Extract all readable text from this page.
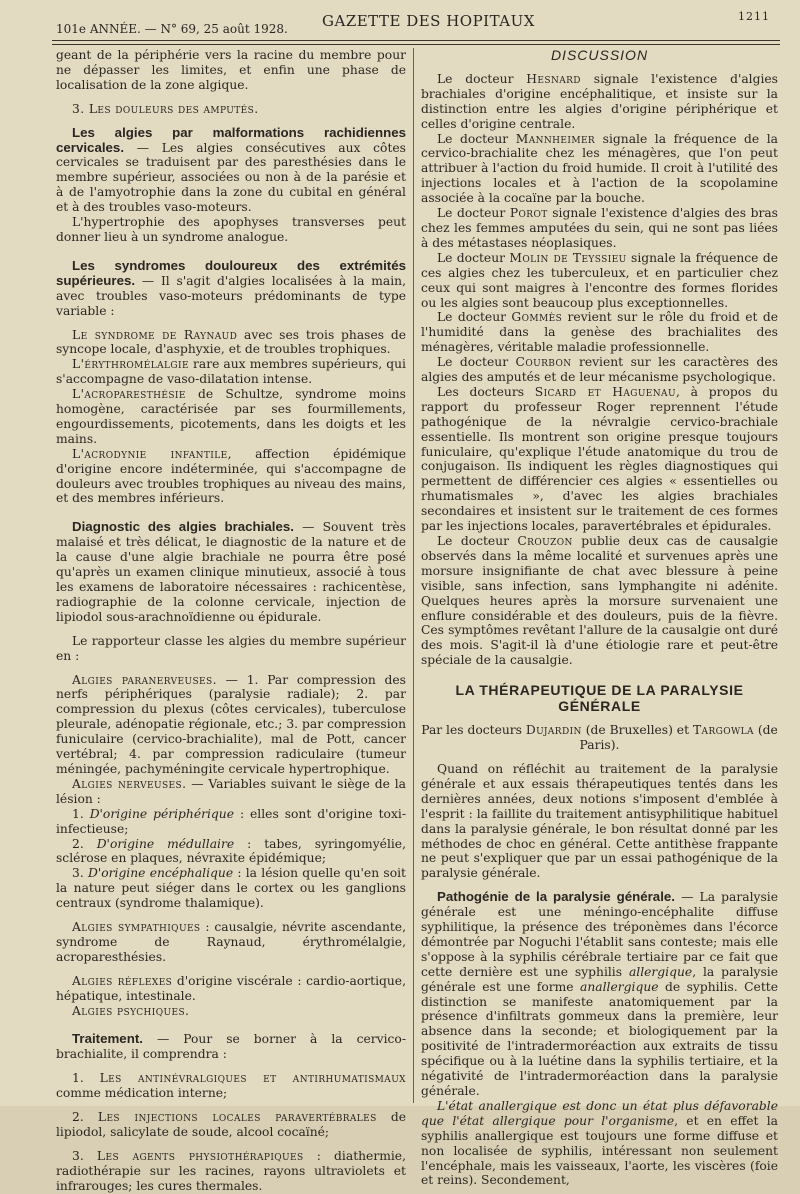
101e ANNÉE. — N° 69, 25 août 1928. GAZETTE DES HOPITAUX	1211

geant de la périphérie vers la racine du membre pour ne dépasser les limites, et enfin une phase de localisation de la zone algique.

3. Les douleurs des amputés.

Les algies par malformations rachidiennes cervicales. — Les algies consécutives aux côtes cervicales se traduisent par des paresthésies dans le membre supérieur, associées ou non à de la parésie et à de l'amyotrophie dans la zone du cubital en général et à des troubles vaso-moteurs.

L'hypertrophie des apophyses transverses peut donner lieu à un syndrome analogue.

Les syndromes douloureux des extrémités supérieures. — Il s'agit d'algies localisées à la main, avec troubles vaso-moteurs prédominants de type variable :

Le syndrome de Raynaud avec ses trois phases de syncope locale, d'asphyxie, et de troubles trophiques.

L'érythromélalgie rare aux membres supérieurs, qui s'accompagne de vaso-dilatation intense.

L'acroparesthésie de Schultze, syndrome moins homogène, caractérisée par ses fourmillements, engourdissements, picotements, dans les doigts et les mains.

L'acrodynie infantile, affection épidémique d'origine encore indéterminée, qui s'accompagne de douleurs avec troubles trophiques au niveau des mains, et des membres inférieurs.

Diagnostic des algies brachiales. — Souvent très malaisé et très délicat, le diagnostic de la nature et de la cause d'une algie brachiale ne pourra être posé qu'après un examen clinique minutieux, associé à tous les examens de laboratoire nécessaires : rachicentèse, radiographie de la colonne cervicale, injection de lipiodol sous-arachnoïdienne ou épidurale.

Le rapporteur classe les algies du membre supérieur en :

Algies paranerveuses. — 1. Par compression des nerfs périphériques (paralysie radiale); 2. par compression du plexus (côtes cervicales), tuberculose pleurale, adénopatie régionale, etc.; 3. par compression funiculaire (cervico-brachialite), mal de Pott, cancer vertébral; 4. par compression radiculaire (tumeur méningée, pachyméningite cervicale hypertrophique.

Algies nerveuses. — Variables suivant le siège de la lésion :

1. D'origine périphérique : elles sont d'origine toxi-infectieuse;

2. D'origine médullaire : tabes, syringomyélie, sclérose en plaques, névraxite épidémique;

3. D'origine encéphalique : la lésion quelle qu'en soit la nature peut siéger dans le cortex ou les ganglions centraux (syndrome thalamique).

Algies sympathiques : causalgie, névrite ascendante, syndrome de Raynaud, érythromélalgie, acroparesthésies.

Algies réflexes d'origine viscérale : cardio-aortique, hépatique, intestinale.

Algies psychiques.

Traitement. — Pour se borner à la cervico-brachialite, il comprendra :

1. Les antinévralgiques et antirhumatismaux comme médication interne;

2. Les injections locales paravertébrales de lipiodol, salicylate de soude, alcool cocaïné;

3. Les agents physiothérapiques : diathermie, radiothérapie sur les racines, rayons ultraviolets et infrarouges; les cures thermales.

DISCUSSION

Le docteur Hesnard signale l'existence d'algies brachiales d'origine encéphalitique, et insiste sur la distinction entre les algies d'origine périphérique et celles d'origine centrale.

Le docteur Mannheimer signale la fréquence de la cervico-brachialite chez les ménagères, que l'on peut attribuer à l'action du froid humide. Il croit à l'utilité des injections locales et à l'action de la scopolamine associée à la cocaïne par la bouche.

Le docteur Porot signale l'existence d'algies des bras chez les femmes amputées du sein, qui ne sont pas liées à des métastases néoplasiques.

Le docteur Molin de Teyssieu signale la fréquence de ces algies chez les tuberculeux, et en particulier chez ceux qui sont maigres à l'encontre des formes florides ou les algies sont beaucoup plus exceptionnelles.

Le docteur Gommès revient sur le rôle du froid et de l'humidité dans la genèse des brachialites des ménagères, véritable maladie professionnelle.

Le docteur Courbon revient sur les caractères des algies des amputés et de leur mécanisme psychologique.

Les docteurs Sicard et Haguenau, à propos du rapport du professeur Roger reprennent l'étude pathogénique de la névralgie cervico-brachiale essentielle. Ils montrent son origine presque toujours funiculaire, qu'explique l'étude anatomique du trou de conjugaison. Ils indiquent les règles diagnostiques qui permettent de différencier ces algies « essentielles ou rhumatismales », d'avec les algies brachiales secondaires et insistent sur le traitement de ces formes par les injections locales, paravertébrales et épidurales.

Le docteur Crouzon publie deux cas de causalgie observés dans la même localité et survenues après une morsure insignifiante de chat avec blessure à peine visible, sans infection, sans lymphangite ni adénite. Quelques heures après la morsure survenaient une enflure considérable et des douleurs, puis de la fièvre. Ces symptômes revêtant l'allure de la causalgie ont duré des mois. S'agit-il là d'une étiologie rare et peut-être spéciale de la causalgie.

LA THÉRAPEUTIQUE DE LA PARALYSIE

GÉNÉRALE

Par les docteurs Dujardin (de Bruxelles) et Targowla (de Paris).

Quand on réfléchit au traitement de la paralysie générale et aux essais thérapeutiques tentés dans les dernières années, deux notions s'imposent d'emblée à l'esprit : la faillite du traitement antisyphilitique habituel dans la paralysie générale, le bon résultat donné par les méthodes de choc en général. Cette antithèse frappante ne peut s'expliquer que par un essai pathogénique de la paralysie générale.

Pathogénie de la paralysie générale. — La paralysie générale est une méningo-encéphalite diffuse syphilitique, la présence des tréponèmes dans l'écorce démontrée par Noguchi l'établit sans conteste; mais elle s'oppose à la syphilis cérébrale tertiaire par ce fait que cette dernière est une syphilis allergique, la paralysie générale est une forme anallergique de syphilis. Cette distinction se manifeste anatomiquement par la présence d'infiltrats gommeux dans la première, leur absence dans la seconde; et biologiquement par la positivité de l'intradermoréaction aux extraits de tissu spécifique ou à la luétine dans la syphilis tertiaire, et la négativité de l'intradermoréaction dans la paralysie générale.

L'état anallergique est donc un état plus défavorable que l'état allergique pour l'organisme, et en effet la syphilis anallergique est toujours une forme diffuse et non localisée de syphilis, intéressant non seulement l'encéphale, mais les vaisseaux, l'aorte, les viscères (foie et reins). Secondement,
